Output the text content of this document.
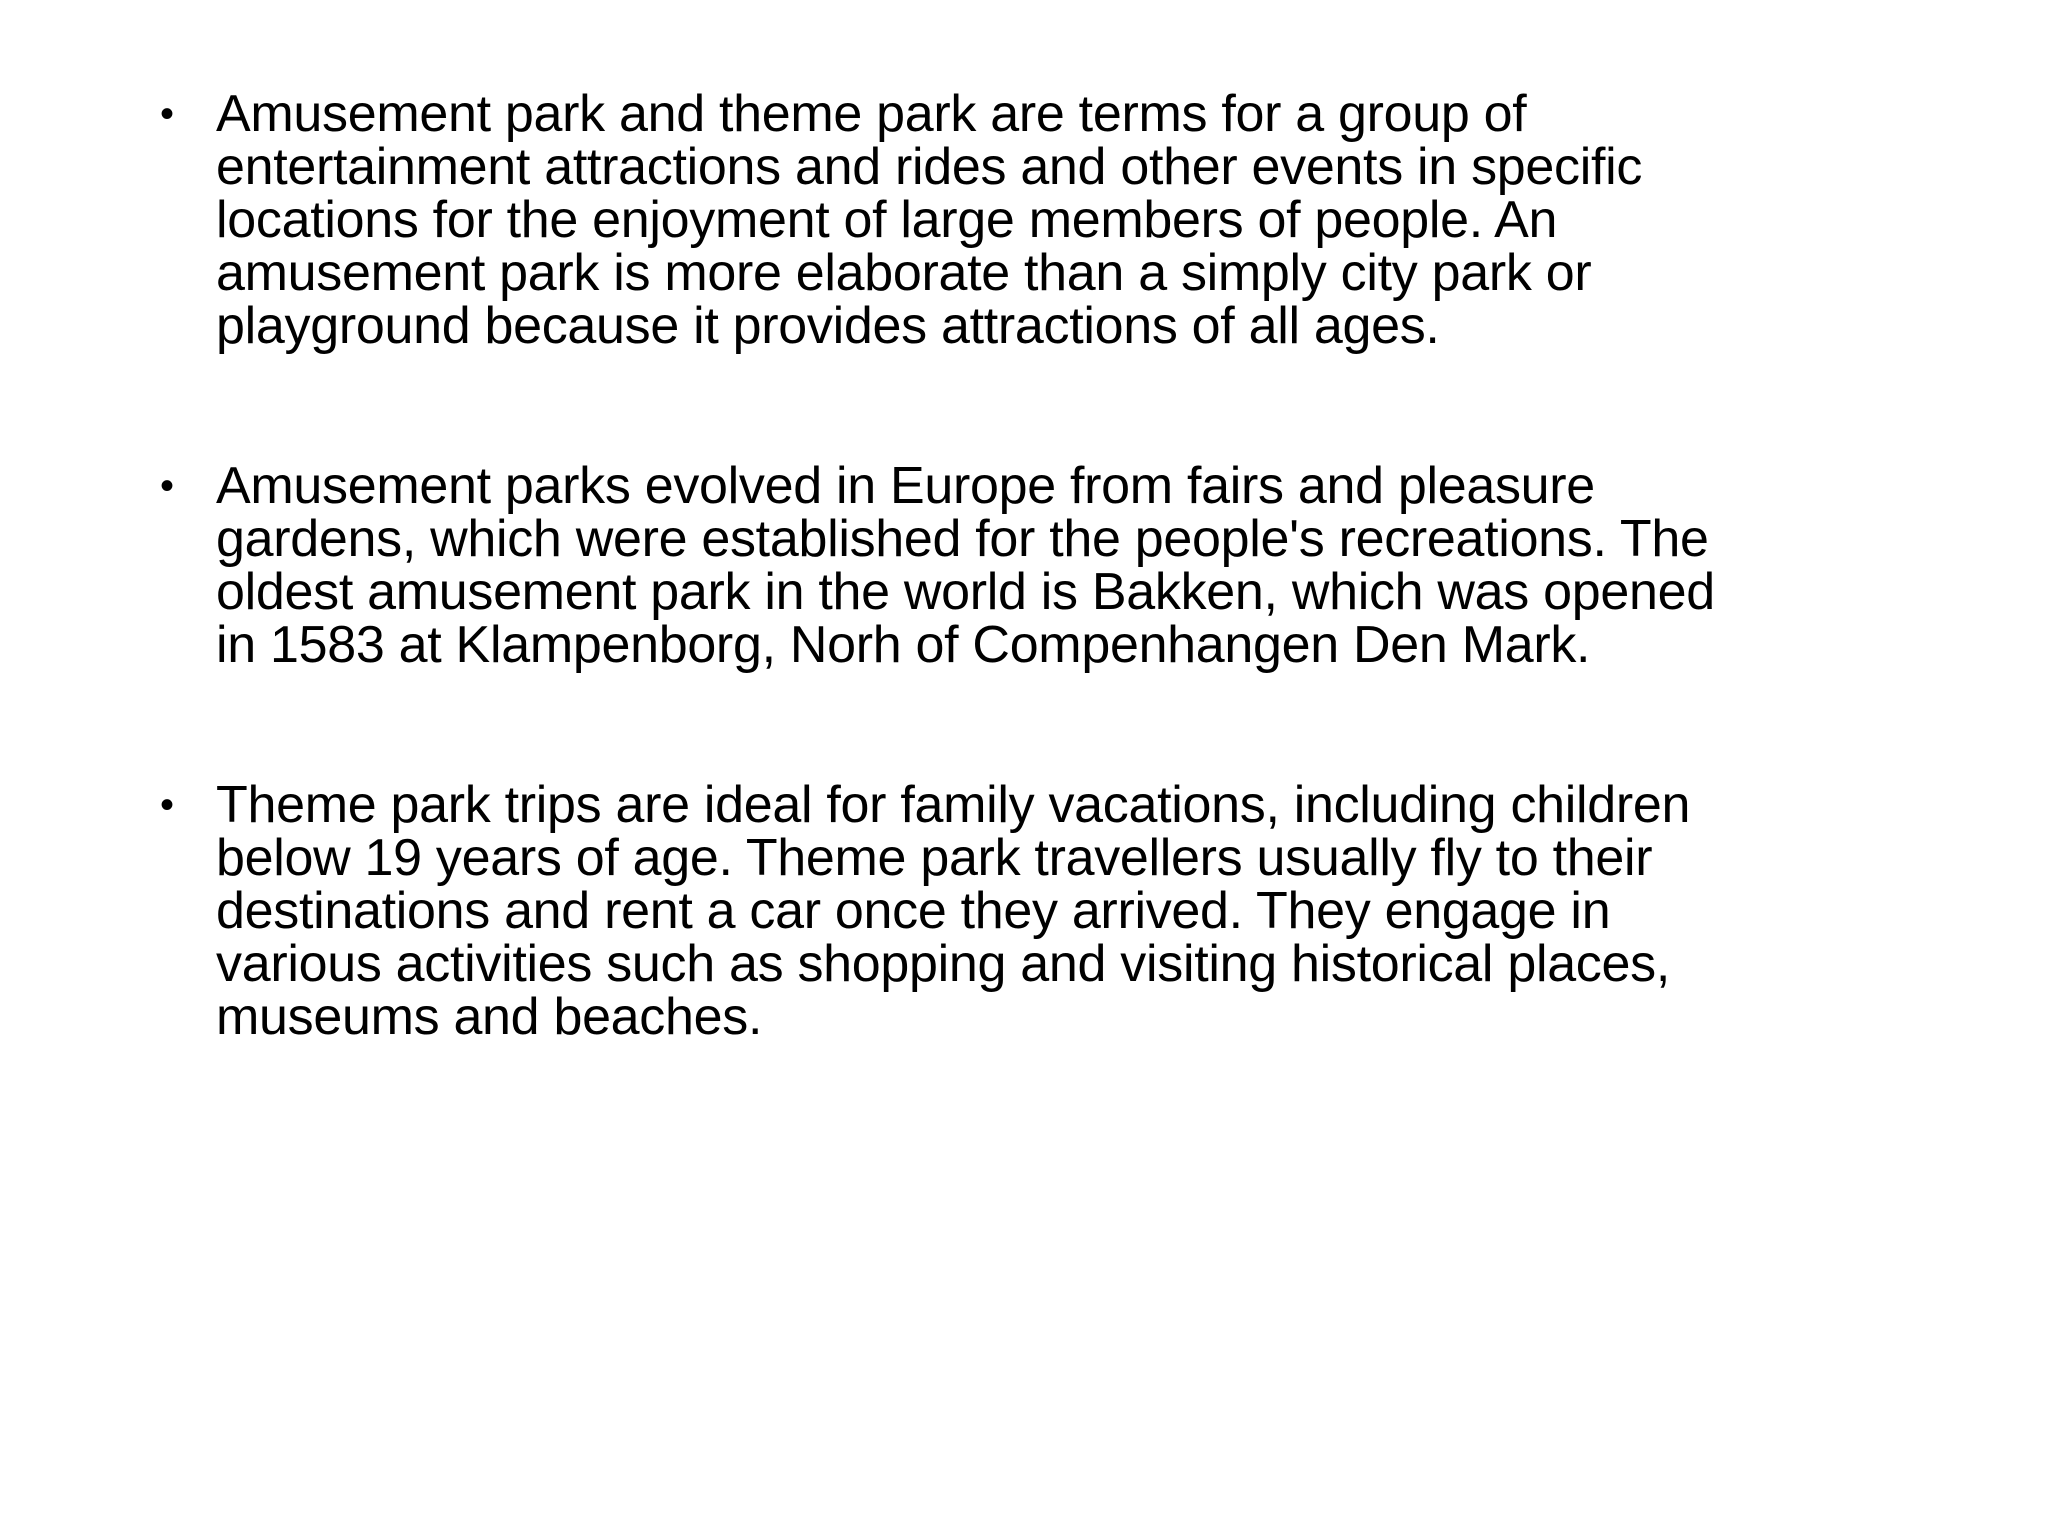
• Amusement park and theme park are terms for a group of
entertainment attractions and rides and other events in specific
locations for the enjoyment of large members of people. An
amusement park is more elaborate than a simply city park or
playground because it provides attractions of all ages.
• Amusement parks evolved in Europe from fairs and pleasure
gardens, which were established for the people's recreations. The
oldest amusement park in the world is Bakken, which was opened
in 1583 at Klampenborg, Norh of Compenhangen Den Mark.
• Theme park trips are ideal for family vacations, including children
below 19 years of age. Theme park travellers usually fly to their
destinations and rent a car once they arrived. They engage in
various activities such as shopping and visiting historical places,
museums and beaches.
